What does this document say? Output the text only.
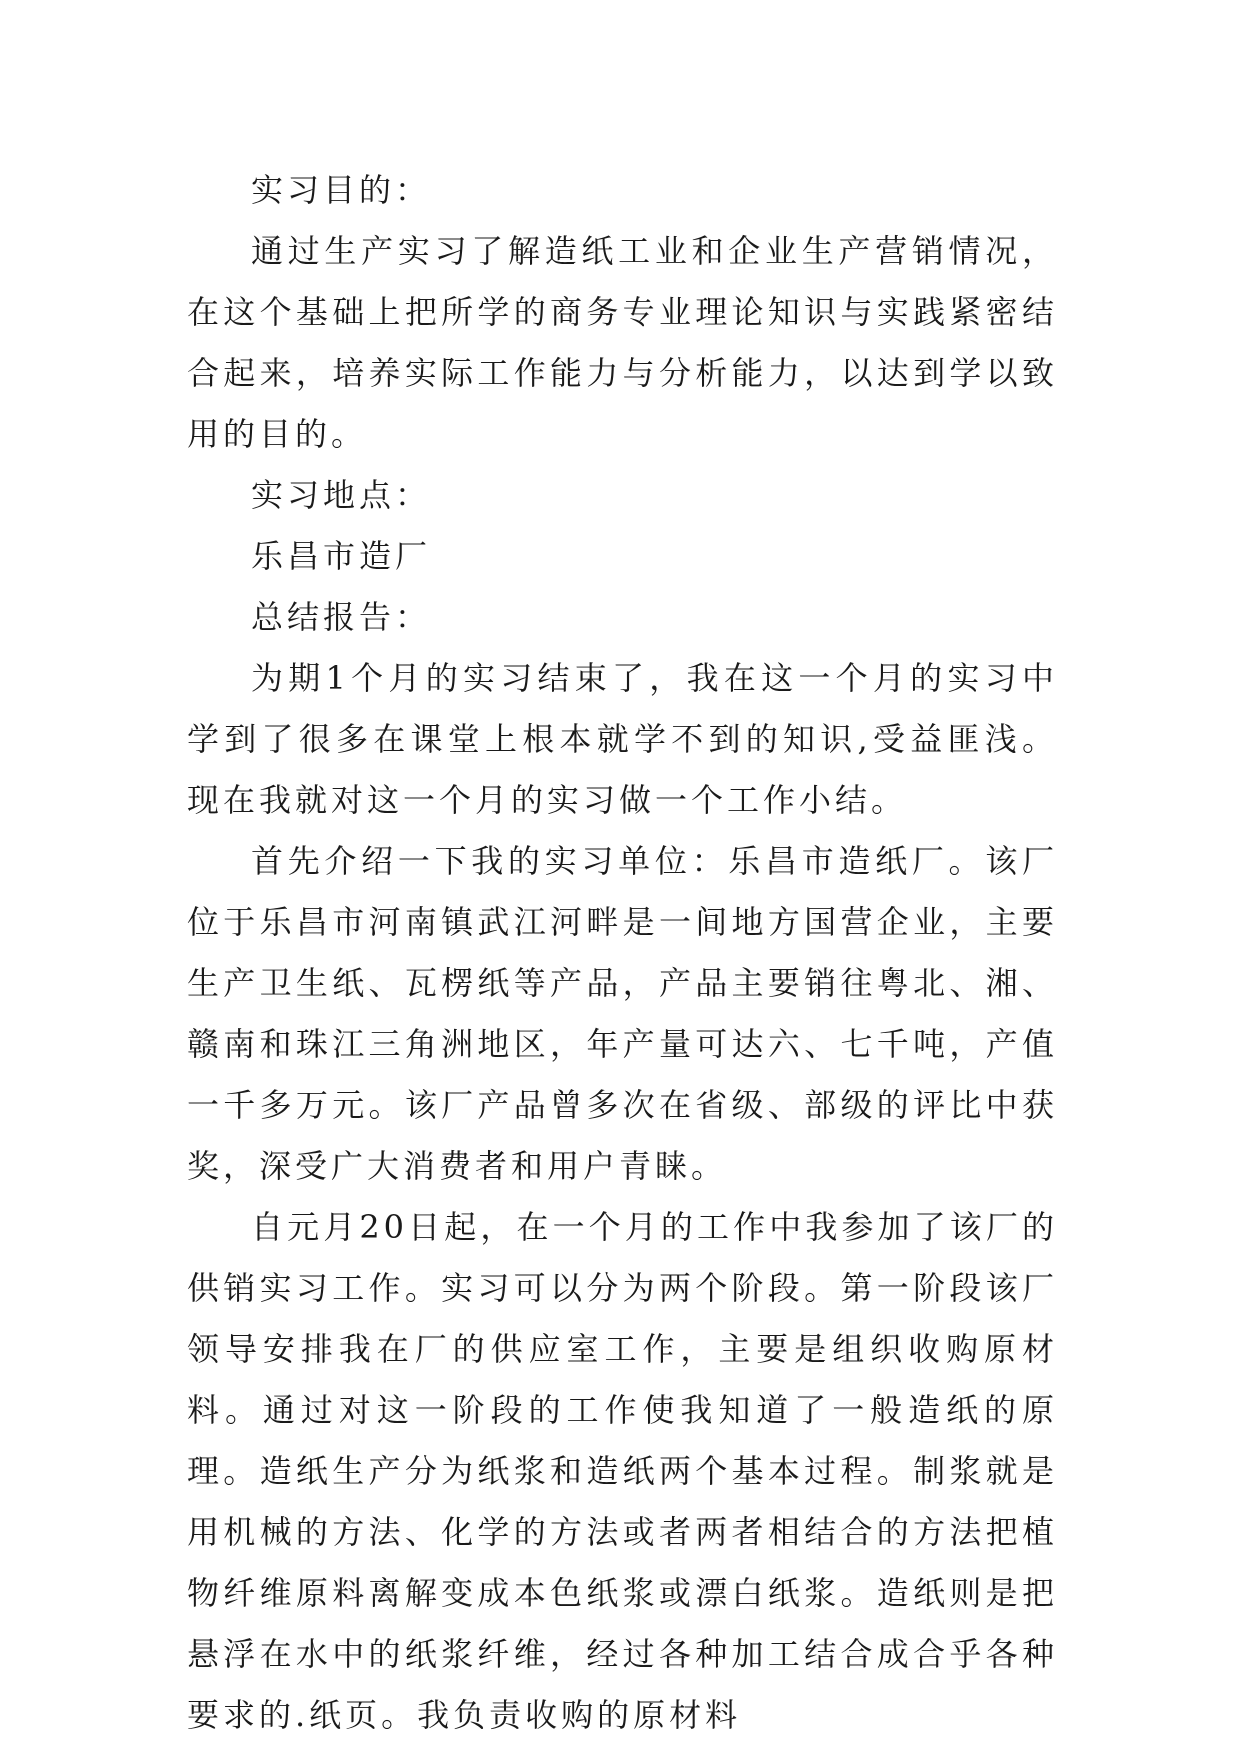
实习目的：

通过生产实习了解造纸工业和企业生产营销情况，在这个基础上把所学的商务专业理论知识与实践紧密结合起来，培养实际工作能力与分析能力，以达到学以致用的目的。

实习地点：

乐昌市造厂

总结报告：

为期1个月的实习结束了，我在这一个月的实习中学到了很多在课堂上根本就学不到的知识,受益匪浅。现在我就对这一个月的实习做一个工作小结。

首先介绍一下我的实习单位：乐昌市造纸厂。该厂位于乐昌市河南镇武江河畔是一间地方国营企业，主要生产卫生纸、瓦楞纸等产品，产品主要销往粤北、湘、赣南和珠江三角洲地区，年产量可达六、七千吨，产值一千多万元。该厂产品曾多次在省级、部级的评比中获奖，深受广大消费者和用户青睐。

自元月20日起，在一个月的工作中我参加了该厂的供销实习工作。实习可以分为两个阶段。第一阶段该厂领导安排我在厂的供应室工作，主要是组织收购原材料。通过对这一阶段的工作使我知道了一般造纸的原理。造纸生产分为纸浆和造纸两个基本过程。制浆就是用机械的方法、化学的方法或者两者相结合的方法把植物纤维原料离解变成本色纸浆或漂白纸浆。造纸则是把悬浮在水中的纸浆纤维，经过各种加工结合成合乎各种要求的.纸页。我负责收购的原材料
